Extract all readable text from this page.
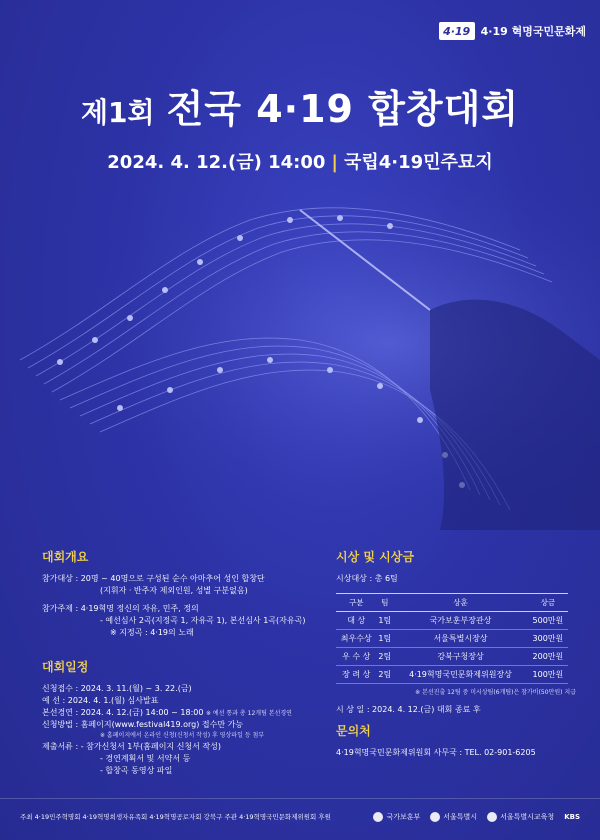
4·19 4·19 혁명국민문화제
제1회 전국 4·19 합창대회
2024. 4. 12.(금) 14:00 | 국립4·19민주묘지
대회개요
참가대상 : 20명 ~ 40명으로 구성된 순수 아마추어 성인 합창단
(지휘자 · 반주자 제외인원, 성별 구분없음)
참가주제 : 4·19혁명 정신의 자유, 민주, 정의
- 예선심사 2곡(지정곡 1, 자유곡 1), 본선심사 1곡(자유곡)
※ 지정곡 : 4·19의 노래
대회일정
신청접수 : 2024. 3. 11.(월) ~ 3. 22.(금)
예 선 : 2024. 4. 1.(월) 심사발표
본선경연 : 2024. 4. 12.(금) 14:00 ~ 18:00 ※ 예선 통과 총 12개팀 본선경연
신청방법 : 홈페이지(www.festival419.org) 접수만 가능
※ 홈페이지에서 온라인 신청(신청서 작성) 후 영상파일 등 첨부
제출서류 : - 참가신청서 1부(홈페이지 신청서 작성)
- 경연계획서 및 서약서 등
- 합창곡 동영상 파일
시상 및 시상금
시상대상 : 총 6팀
구분	팀	상훈	상금
대 상	1팀	국가보훈부장관상	500만원
최우수상	1팀	서울특별시장상	300만원
우 수 상	2팀	강북구청장상	200만원
장 려 상	2팀	4·19혁명국민문화제위원장상	100만원
※ 본선진출 12팀 중 미시상팀(6개팀)은 참가비(50만원) 지급
시 상 일 : 2024. 4. 12.(금) 대회 종료 후
문의처
4·19혁명국민문화제위원회 사무국 : TEL. 02-901-6205
주최 4·19민주혁명회 4·19혁명희생자유족회 4·19혁명공로자회 강북구 주관 4·19혁명국민문화제위원회 후원	국가보훈부	서울특별시	서울특별시교육청 KBS
